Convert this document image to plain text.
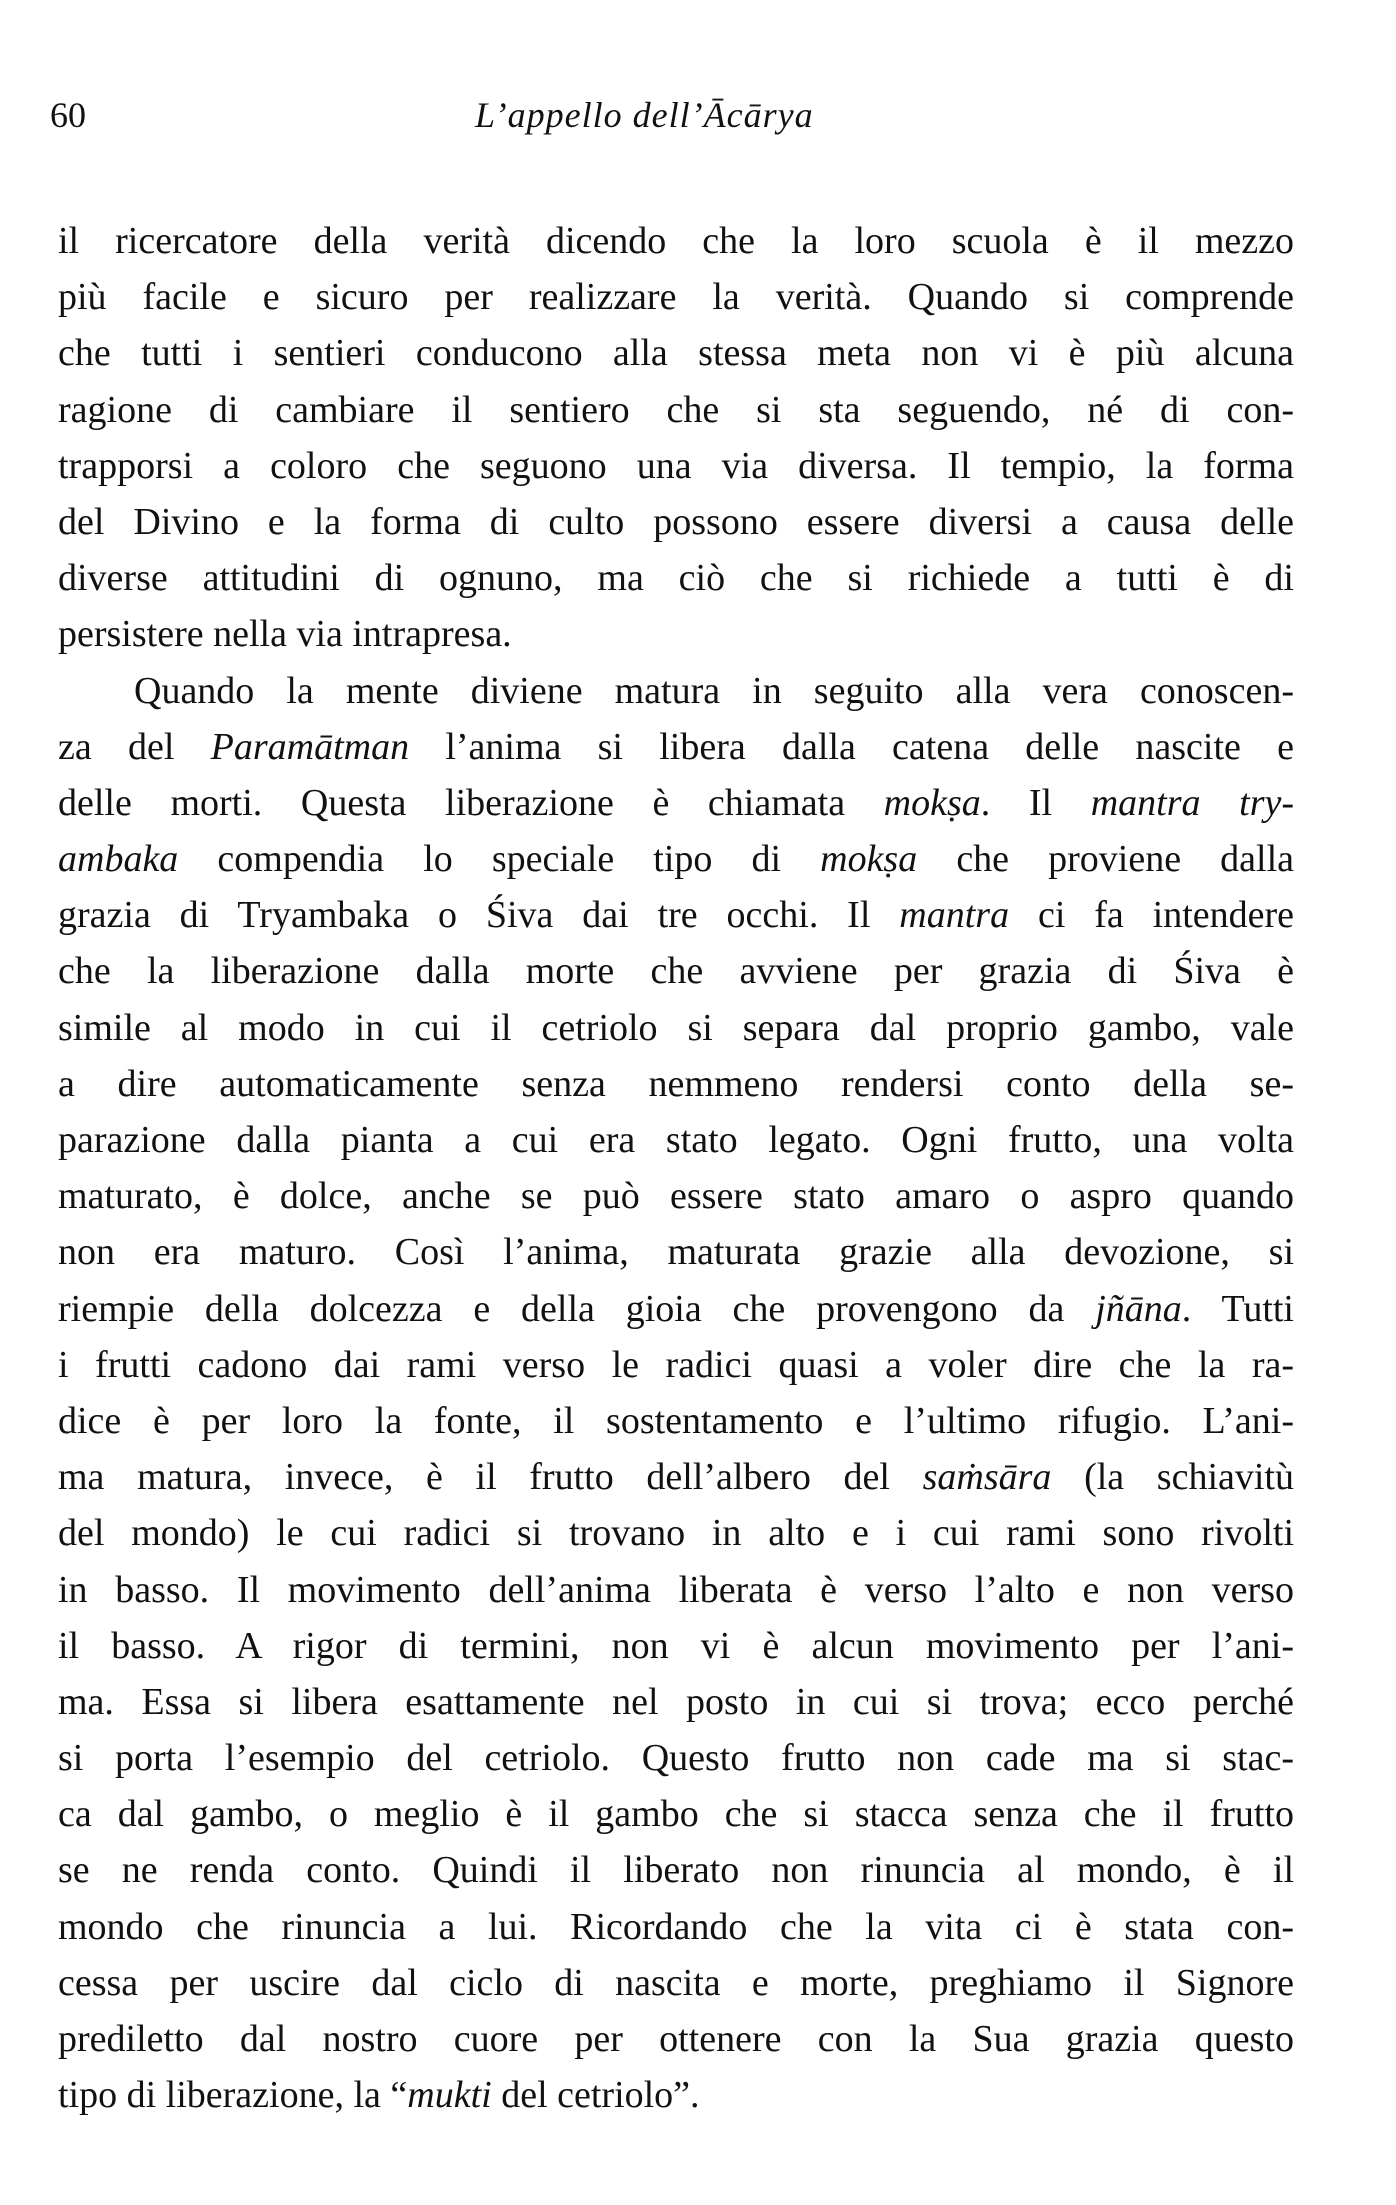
60	L’appello dell’Ācārya
il ricercatore della verità dicendo che la loro scuola è il mezzo
più facile e sicuro per realizzare la verità. Quando si comprende
che tutti i sentieri conducono alla stessa meta non vi è più alcuna
ragione di cambiare il sentiero che si sta seguendo, né di con-
trapporsi a coloro che seguono una via diversa. Il tempio, la forma
del Divino e la forma di culto possono essere diversi a causa delle
diverse attitudini di ognuno, ma ciò che si richiede a tutti è di
persistere nella via intrapresa.
Quando la mente diviene matura in seguito alla vera conoscen-
za del Paramātman l’anima si libera dalla catena delle nascite e
delle morti. Questa liberazione è chiamata mokṣa. Il mantra try-
ambaka compendia lo speciale tipo di mokṣa che proviene dalla
grazia di Tryambaka o Śiva dai tre occhi. Il mantra ci fa intendere
che la liberazione dalla morte che avviene per grazia di Śiva è
simile al modo in cui il cetriolo si separa dal proprio gambo, vale
a dire automaticamente senza nemmeno rendersi conto della se-
parazione dalla pianta a cui era stato legato. Ogni frutto, una volta
maturato, è dolce, anche se può essere stato amaro o aspro quando
non era maturo. Così l’anima, maturata grazie alla devozione, si
riempie della dolcezza e della gioia che provengono da jñāna. Tutti
i frutti cadono dai rami verso le radici quasi a voler dire che la ra-
dice è per loro la fonte, il sostentamento e l’ultimo rifugio. L’ani-
ma matura, invece, è il frutto dell’albero del saṁsāra (la schiavitù
del mondo) le cui radici si trovano in alto e i cui rami sono rivolti
in basso. Il movimento dell’anima liberata è verso l’alto e non verso
il basso. A rigor di termini, non vi è alcun movimento per l’ani-
ma. Essa si libera esattamente nel posto in cui si trova; ecco perché
si porta l’esempio del cetriolo. Questo frutto non cade ma si stac-
ca dal gambo, o meglio è il gambo che si stacca senza che il frutto
se ne renda conto. Quindi il liberato non rinuncia al mondo, è il
mondo che rinuncia a lui. Ricordando che la vita ci è stata con-
cessa per uscire dal ciclo di nascita e morte, preghiamo il Signore
prediletto dal nostro cuore per ottenere con la Sua grazia questo
tipo di liberazione, la “mukti del cetriolo”.
